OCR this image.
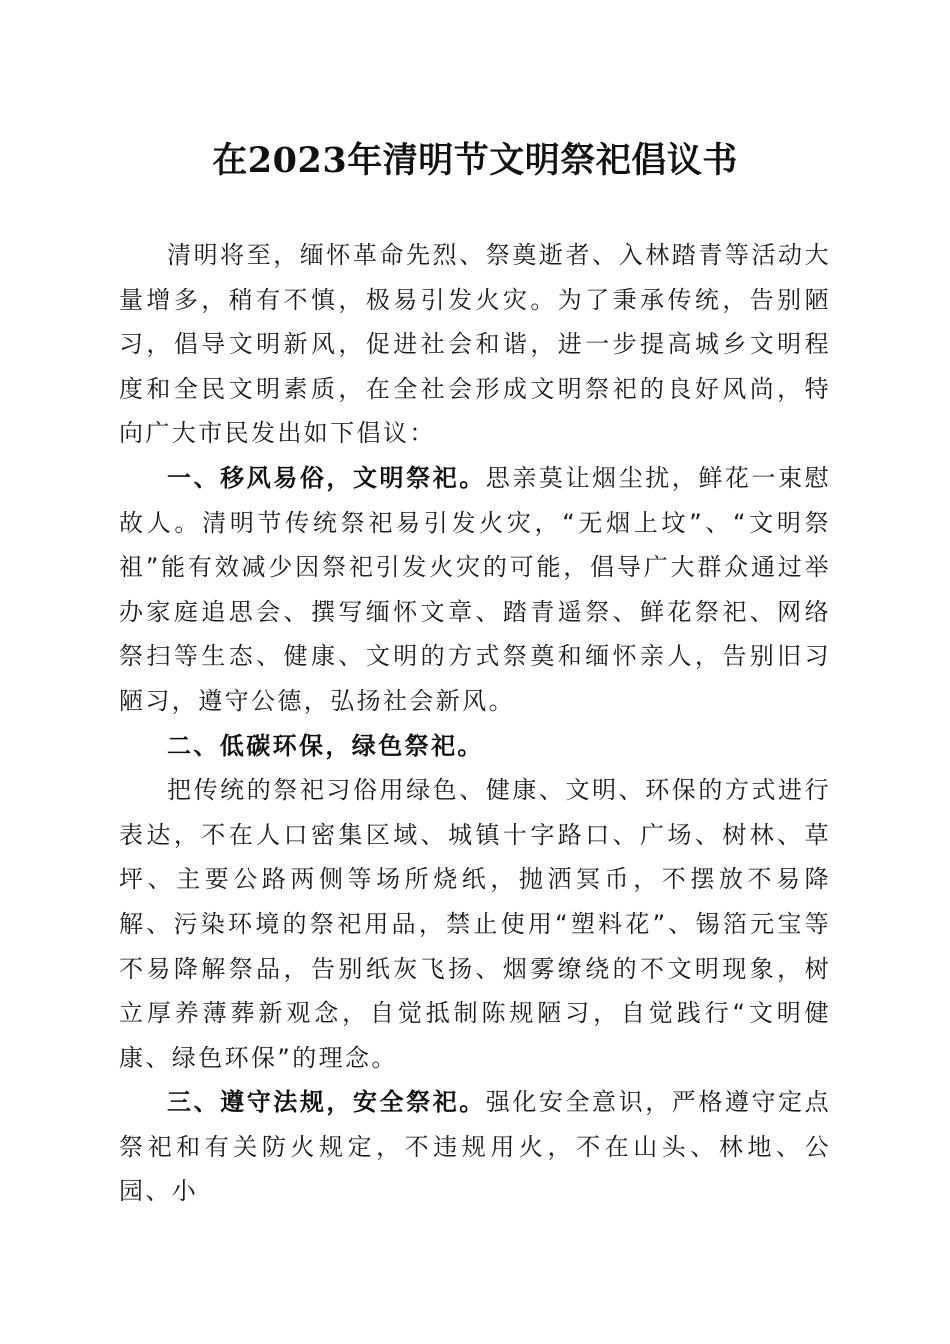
在2023年清明节文明祭祀倡议书

清明将至，缅怀革命先烈、祭奠逝者、入林踏青等活动大量增多，稍有不慎，极易引发火灾。为了秉承传统，告别陋习，倡导文明新风，促进社会和谐，进一步提高城乡文明程度和全民文明素质，在全社会形成文明祭祀的良好风尚，特向广大市民发出如下倡议：

一、移风易俗，文明祭祀。思亲莫让烟尘扰，鲜花一束慰故人。清明节传统祭祀易引发火灾，“无烟上坟”、“文明祭祖”能有效减少因祭祀引发火灾的可能，倡导广大群众通过举办家庭追思会、撰写缅怀文章、踏青遥祭、鲜花祭祀、网络祭扫等生态、健康、文明的方式祭奠和缅怀亲人，告别旧习陋习，遵守公德，弘扬社会新风。

二、低碳环保，绿色祭祀。

把传统的祭祀习俗用绿色、健康、文明、环保的方式进行表达，不在人口密集区域、城镇十字路口、广场、树林、草坪、主要公路两侧等场所烧纸，抛洒冥币，不摆放不易降解、污染环境的祭祀用品，禁止使用“塑料花”、锡箔元宝等不易降解祭品，告别纸灰飞扬、烟雾缭绕的不文明现象，树立厚养薄葬新观念，自觉抵制陈规陋习，自觉践行“文明健康、绿色环保”的理念。

三、遵守法规，安全祭祀。强化安全意识，严格遵守定点祭祀和有关防火规定，不违规用火，不在山头、林地、公园、小
